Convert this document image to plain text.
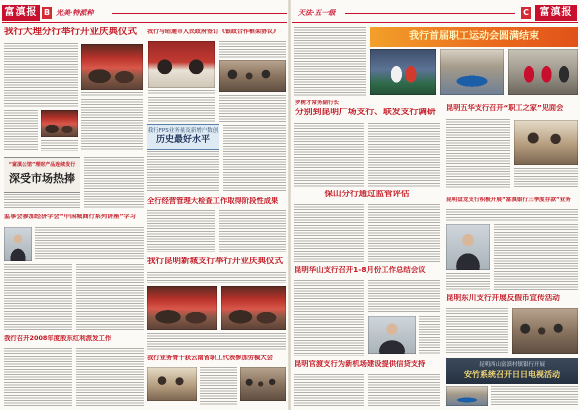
富滇报 B 光美·特派种
我行大理分行举行开业庆典仪式	我行与昭通市人民政府签订《银政合作框架协议》
我行FPS业务量及新增户数创
历史最好水平
“富滇公馆”理财产品连续发行
深受市场热捧
全行经营管理大检查工作取得阶段性成果
监事会参加经济学会“中国城商行系列讲座”学习
我行昆明新城支行举行开业庆典仪式
我行召开2008年度股东红利派发工作
我行业务骨干获云南省职工代表参加劳模大会
天法·五一级	C	富滇报
我行首届职工运动会圆满结束
罗树才常务副行长
分别到昆明广场支行、联发支行调研	昆明五华支行召开“职工之家”见面会
保山分行通过监管评估
昆明盘龙支行积极开展“富滇银行三季度存款”业务
昆明华山支行召开1-8月份工作总结会议
昆明东川支行开展反假币宣传活动
昆明官渡支行为新机场建设提供信贷支持	昆明西山富滇村镇银行开展
安竹系统召开日日电视活动
